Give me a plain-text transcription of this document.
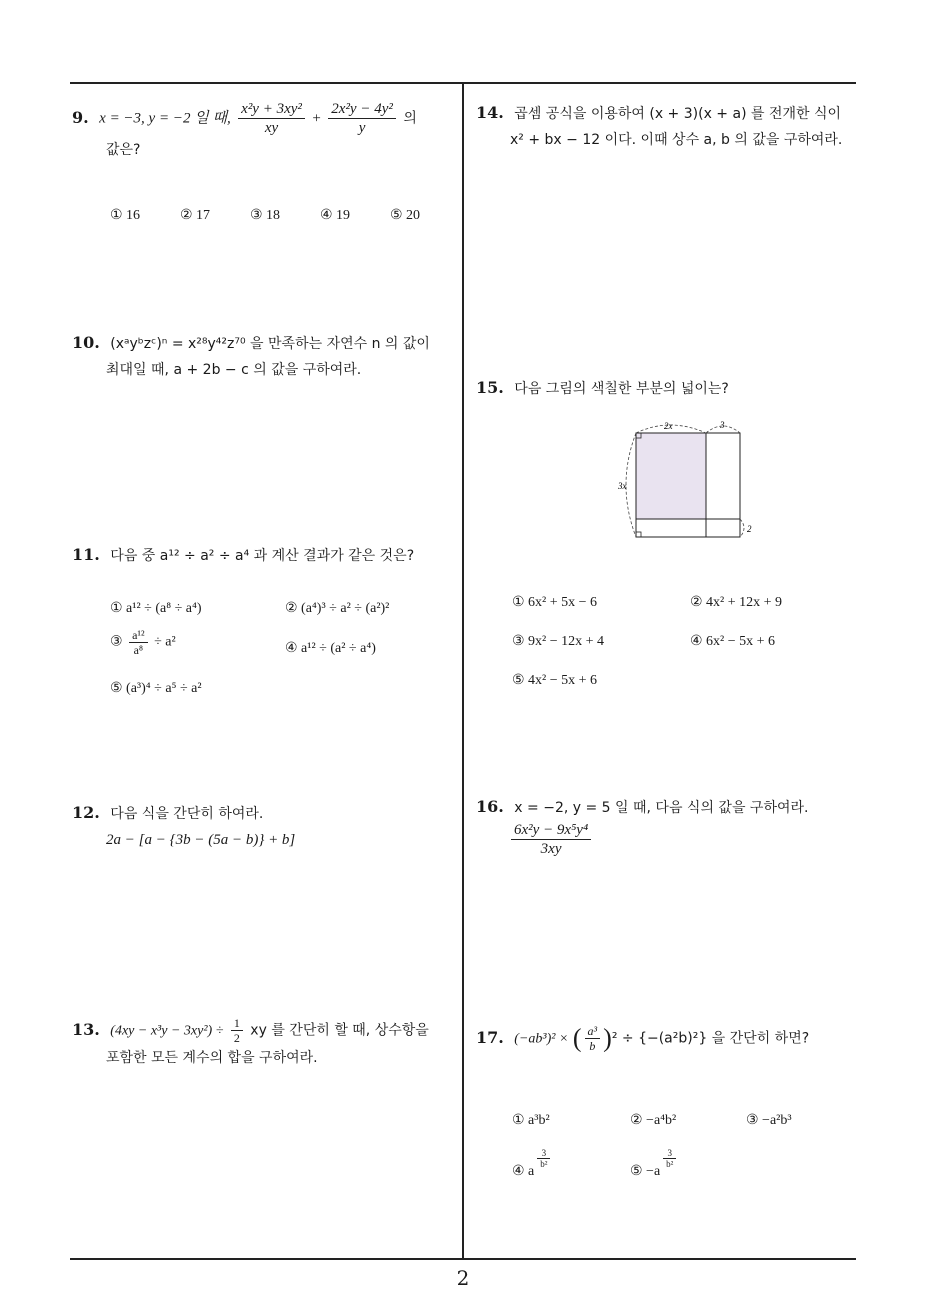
2
9. x = −3, y = −2 일 때, $\frac{\text{x²y + 3xy²}}{xy} + \frac{\text{2x²y − 4y²}}{y}$ 의
값은?
① 16	② 17	③ 18	④ 19	⑤ 20
10. (xᵃyᵇzᶜ)ⁿ = x²⁸y⁴²z⁷⁰ 을 만족하는 자연수 n 의 값이
최대일 때, a + 2b − c 의 값을 구하여라.
11. 다음 중 a¹² ÷ a² ÷ a⁴ 과 계산 결과가 같은 것은?
① a¹² ÷ (a⁸ ÷ a⁴)	② (a⁴)³ ÷ a² ÷ (a²)²
③ $\frac{\text{a¹²}}{\text{a⁸}} \div a^2$	④ a¹² ÷ (a² ÷ a⁴)
⑤ (a³)⁴ ÷ a⁵ ÷ a²
12. 다음 식을 간단히 하여라.
2a − [a − {3b − (5a − b)} + b]
13. $(4xy - x^3y - 3xy^2) \div \frac{1}{2}$ xy 를 간단히 할 때, 상수항을
포함한 모든 계수의 합을 구하여라.
14. 곱셈 공식을 이용하여 (x + 3)(x + a) 를 전개한 식이
x² + bx − 12 이다. 이때 상수 a, b 의 값을 구하여라.
15. 다음 그림의 색칠한 부분의 넓이는?
2x	3
3x
2
① 6x² + 5x − 6	② 4x² + 12x + 9
③ 9x² − 12x + 4	④ 6x² − 5x + 6
⑤ 4x² − 5x + 6
16. x = −2, y = 5 일 때, 다음 식의 값을 구하여라.
$\frac{\text{6x²y − 9x⁵y⁴}}{3xy}$
17. (−ab³)² × ( $\frac{\text{a³}}{b} )^2 \div \{-(a^2b)^2\}$ 을 간단히 하면?
① a³b²	② −a⁴b²	③ −a²b³
④ a
$\frac{3}{\text{b²}}$
⑤ −a
$\frac{3}{\text{b²}}$
